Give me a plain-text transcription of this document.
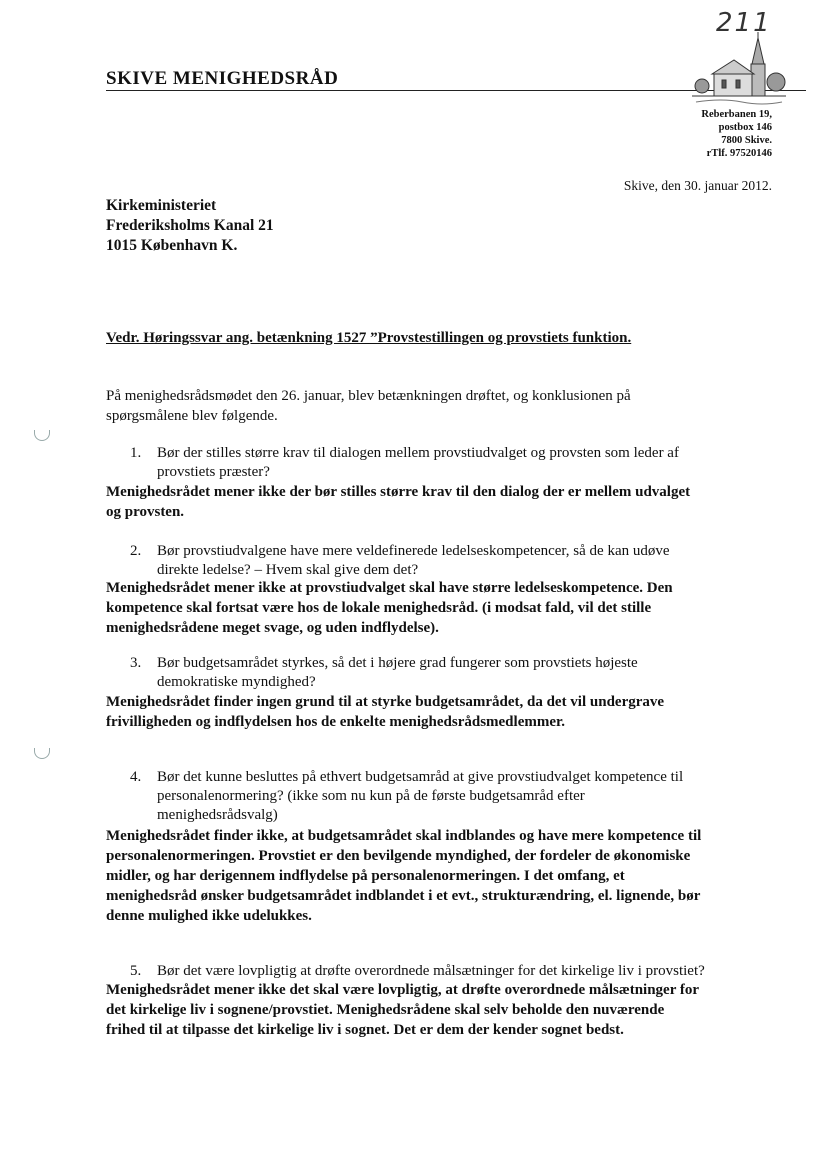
211
SKIVE MENIGHEDSRÅD
Reberbanen 19,
postbox 146
7800 Skive.
rTlf. 97520146
Skive, den 30. januar 2012.
Kirkeministeriet
Frederiksholms Kanal 21
1015 København K.
Vedr. Høringssvar ang. betænkning 1527 ”Provstestillingen og provstiets funktion.
På menighedsrådsmødet den 26. januar, blev betænkningen drøftet, og konklusionen på
spørgsmålene blev følgende.
1. Bør der stilles større krav til dialogen mellem provstiudvalget og provsten som leder af
provstiets præster?
Menighedsrådet mener ikke der bør stilles større krav til den dialog der er mellem udvalget
og provsten.
2. Bør provstiudvalgene have mere veldefinerede ledelseskompetencer, så de kan udøve
direkte ledelse? – Hvem skal give dem det?
Menighedsrådet mener ikke at provstiudvalget skal have større ledelseskompetence. Den
kompetence skal fortsat være hos de lokale menighedsråd. (i modsat fald, vil det stille
menighedsrådene meget svage, og uden indflydelse).
3. Bør budgetsamrådet styrkes, så det i højere grad fungerer som provstiets højeste
demokratiske myndighed?
Menighedsrådet finder ingen grund til at styrke budgetsamrådet, da det vil undergrave
frivilligheden og indflydelsen hos de enkelte menighedsrådsmedlemmer.
4. Bør det kunne besluttes på ethvert budgetsamråd at give provstiudvalget kompetence til
personalenormering? (ikke som nu kun på de første budgetsamråd efter
menighedsrådsvalg)
Menighedsrådet finder ikke, at budgetsamrådet skal indblandes og have mere kompetence til
personalenormeringen. Provstiet er den bevilgende myndighed, der fordeler de økonomiske
midler, og har derigennem indflydelse på personalenormeringen. I det omfang, et
menighedsråd ønsker budgetsamrådet indblandet i et evt., strukturændring, el. lignende, bør
denne mulighed ikke udelukkes.
5. Bør det være lovpligtig at drøfte overordnede målsætninger for det kirkelige liv i provstiet?
Menighedsrådet mener ikke det skal være lovpligtig, at drøfte overordnede målsætninger for
det kirkelige liv i sognene/provstiet. Menighedsrådene skal selv beholde den nuværende
frihed til at tilpasse det kirkelige liv i sognet. Det er dem der kender sognet bedst.
